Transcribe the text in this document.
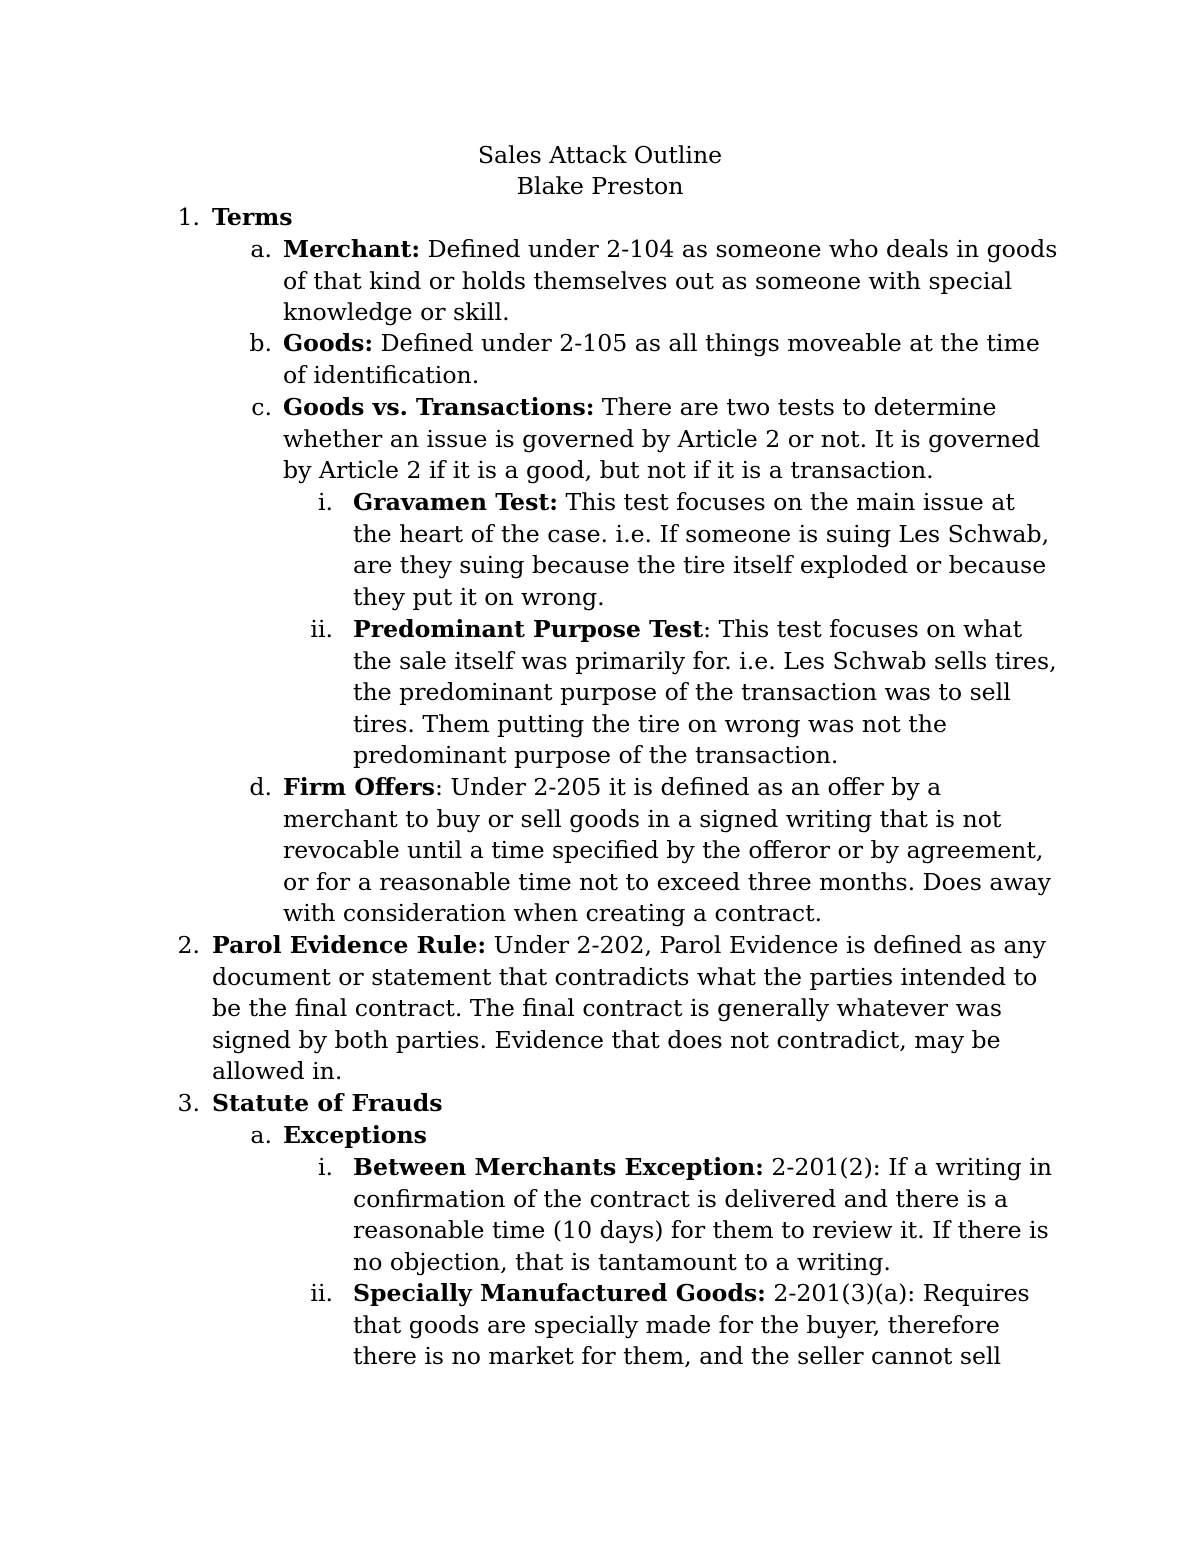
Sales Attack Outline
Blake Preston
1. Terms
a. Merchant: Defined under 2-104 as someone who deals in goods
of that kind or holds themselves out as someone with special
knowledge or skill.
b. Goods: Defined under 2-105 as all things moveable at the time
of identification.
c. Goods vs. Transactions: There are two tests to determine
whether an issue is governed by Article 2 or not. It is governed
by Article 2 if it is a good, but not if it is a transaction.
i. Gravamen Test: This test focuses on the main issue at
the heart of the case. i.e. If someone is suing Les Schwab,
are they suing because the tire itself exploded or because
they put it on wrong.
ii. Predominant Purpose Test: This test focuses on what
the sale itself was primarily for. i.e. Les Schwab sells tires,
the predominant purpose of the transaction was to sell
tires. Them putting the tire on wrong was not the
predominant purpose of the transaction.
d. Firm Offers: Under 2-205 it is defined as an offer by a
merchant to buy or sell goods in a signed writing that is not
revocable until a time specified by the offeror or by agreement,
or for a reasonable time not to exceed three months. Does away
with consideration when creating a contract.
2. Parol Evidence Rule: Under 2-202, Parol Evidence is defined as any
document or statement that contradicts what the parties intended to
be the final contract. The final contract is generally whatever was
signed by both parties. Evidence that does not contradict, may be
allowed in.
3. Statute of Frauds
a. Exceptions
i. Between Merchants Exception: 2-201(2): If a writing in
confirmation of the contract is delivered and there is a
reasonable time (10 days) for them to review it. If there is
no objection, that is tantamount to a writing.
ii. Specially Manufactured Goods: 2-201(3)(a): Requires
that goods are specially made for the buyer, therefore
there is no market for them, and the seller cannot sell
